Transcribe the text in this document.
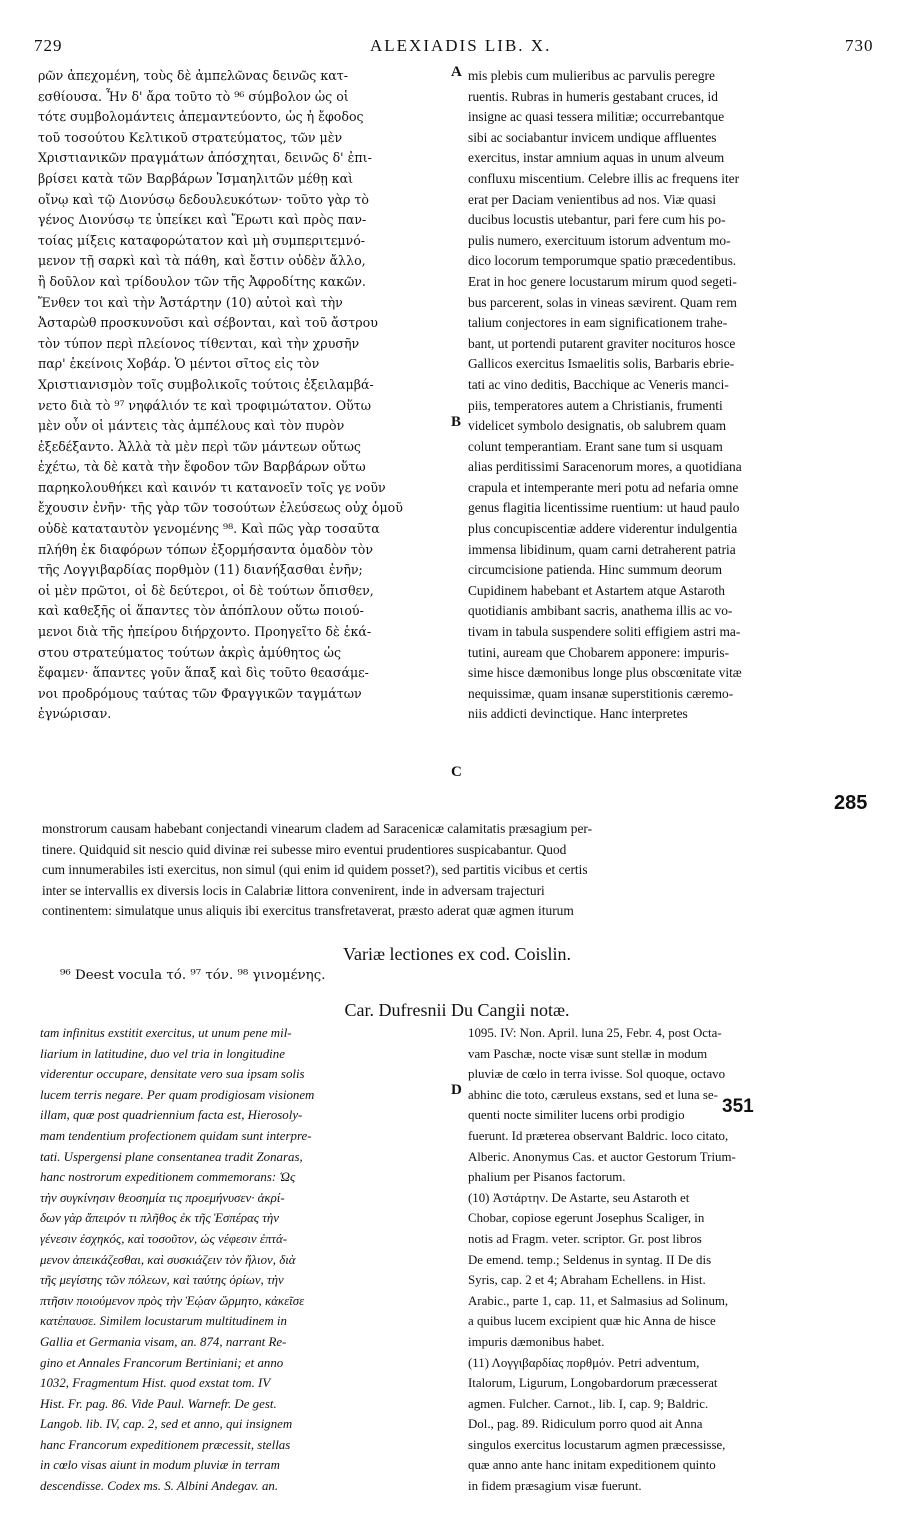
729	ALEXIADIS LIB. X.	730
ρῶν ἀπεχομένη, τοὺς δὲ ἀμπελῶνας δεινῶς κατ-
εσθίουσα. Ἦν δ' ἄρα τοῦτο τὸ ⁹⁶ σύμβολον ὡς οἱ
τότε συμβολομάντεις ἀπεμαντεύοντο, ὡς ἡ ἔφοδος
τοῦ τοσούτου Κελτικοῦ στρατεύματος, τῶν μὲν
Χριστιανικῶν πραγμάτων ἀπόσχηται, δεινῶς δ' ἐπι-
βρίσει κατὰ τῶν Βαρβάρων Ἰσμαηλιτῶν μέθῃ καὶ
οἴνῳ καὶ τῷ Διονύσῳ δεδουλευκότων· τοῦτο γὰρ τὸ
γένος Διονύσῳ τε ὑπείκει καὶ Ἔρωτι καὶ πρὸς παν-
τοίας μίξεις καταφορώτατον καὶ μὴ συμπεριτεμνό-
μενον τῇ σαρκὶ καὶ τὰ πάθη, καὶ ἔστιν οὐδὲν ἄλλο,
ἢ δοῦλον καὶ τρίδουλον τῶν τῆς Ἀφροδίτης κακῶν.
Ἔνθεν τοι καὶ τὴν Ἀστάρτην (10) αὐτοὶ καὶ τὴν
Ἀσταρὼθ προσκυνοῦσι καὶ σέβονται, καὶ τοῦ ἄστρου
τὸν τύπον περὶ πλείονος τίθενται, καὶ τὴν χρυσῆν
παρ' ἐκείνοις Χοβάρ. Ὁ μέντοι σῖτος εἰς τὸν
Χριστιανισμὸν τοῖς συμβολικοῖς τούτοις ἐξειλαμβά-
νετο διὰ τὸ ⁹⁷ νηφάλιόν τε καὶ τροφιμώτατον. Οὕτω
μὲν οὖν οἱ μάντεις τὰς ἀμπέλους καὶ τὸν πυρὸν
ἐξεδέξαντο. Ἀλλὰ τὰ μὲν περὶ τῶν μάντεων οὕτως
ἐχέτω, τὰ δὲ κατὰ τὴν ἔφοδον τῶν Βαρβάρων οὕτω
παρηκολουθήκει καὶ καινόν τι κατανοεῖν τοῖς γε νοῦν
ἔχουσιν ἐνῆν· τῆς γὰρ τῶν τοσούτων ἐλεύσεως οὐχ ὁμοῦ
οὐδὲ καταταυτὸν γενομένης ⁹⁸. Καὶ πῶς γὰρ τοσαῦτα
πλήθη ἐκ διαφόρων τόπων ἐξορμήσαντα ὁμαδὸν τὸν
τῆς Λογγιβαρδίας πορθμὸν (11) διανήξασθαι ἐνῆν;
οἱ μὲν πρῶτοι, οἱ δὲ δεύτεροι, οἱ δὲ τούτων ὄπισθεν,
καὶ καθεξῆς οἱ ἅπαντες τὸν ἀπόπλουν οὕτω ποιού-
μενοι διὰ τῆς ἠπείρου διήρχοντο. Προηγεῖτο δὲ ἑκά-
στου στρατεύματος τούτων ἀκρὶς ἀμύθητος ὡς
ἔφαμεν· ἅπαντες γοῦν ἅπαξ καὶ δὶς τοῦτο θεασάμε-
νοι προδρόμους ταύτας τῶν Φραγγικῶν ταγμάτων
ἐγνώρισαν.
A
B
C
mis plebis cum mulieribus ac parvulis peregre
ruentis. Rubras in humeris gestabant cruces, id
insigne ac quasi tessera militiæ; occurrebantque
sibi ac sociabantur invicem undique affluentes
exercitus, instar amnium aquas in unum alveum
confluxu miscentium. Celebre illis ac frequens iter
erat per Daciam venientibus ad nos. Viæ quasi
ducibus locustis utebantur, pari fere cum his po-
pulis numero, exercituum istorum adventum mo-
dico locorum temporumque spatio præcedentibus.
Erat in hoc genere locustarum mirum quod segeti-
bus parcerent, solas in vineas sævirent. Quam rem
talium conjectores in eam significationem trahe-
bant, ut portendi putarent graviter nocituros hosce
Gallicos exercitus Ismaelitis solis, Barbaris ebrie-
tati ac vino deditis, Bacchique ac Veneris manci-
piis, temperatores autem a Christianis, frumenti
videlicet symbolo designatis, ob salubrem quam
colunt temperantiam. Erant sane tum si usquam
alias perditissimi Saracenorum mores, a quotidiana
crapula et intemperante meri potu ad nefaria omne
genus flagitia licentissime ruentium: ut haud paulo
plus concupiscentiæ addere viderentur indulgentia
immensa libidinum, quam carni detraherent patria
circumcisione patienda. Hinc summum deorum
Cupidinem habebant et Astartem atque Astaroth
quotidianis ambibant sacris, anathema illis ac vo-
tivam in tabula suspendere soliti effigiem astri ma-
tutini, auream que Chobarem apponere: impuris-
sime hisce dæmonibus longe plus obscœnitate vitæ
nequissimæ, quam insanæ superstitionis cæremo-
niis addicti devinctique. Hanc interpretes
285
monstrorum causam habebant conjectandi vinearum cladem ad Saracenicæ calamitatis præsagium per-
tinere. Quidquid sit nescio quid divinæ rei subesse miro eventui prudentiores suspicabantur. Quod
cum innumerabiles isti exercitus, non simul (qui enim id quidem posset?), sed partitis vicibus et certis
inter se intervallis ex diversis locis in Calabriæ littora convenirent, inde in adversam trajecturi
continentem: simulatque unus aliquis ibi exercitus transfretaverat, præsto aderat quæ agmen iturum
Variæ lectiones ex cod. Coislin.
⁹⁶ Deest vocula τό. ⁹⁷ τόν. ⁹⁸ γινομένης.
Car. Dufresnii Du Cangii notæ.
tam infinitus exstitit exercitus, ut unum pene mil-
liarium in latitudine, duo vel tria in longitudine
viderentur occupare, densitate vero sua ipsam solis
lucem terris negare. Per quam prodigiosam visionem
illam, quæ post quadriennium facta est, Hierosoly-
mam tendentium profectionem quidam sunt interpre-
tati. Uspergensi plane consentanea tradit Zonaras,
hanc nostrorum expeditionem commemorans: Ὡς
τὴν συγκίνησιν θεοσημία τις προεμήνυσεν· ἀκρί-
δων γὰρ ἄπειρόν τι πλῆθος ἐκ τῆς Ἑσπέρας τὴν
γένεσιν ἐσχηκός, καὶ τοσοῦτον, ὡς νέφεσιν ἐπτά-
μενον ἀπεικάζεσθαι, καὶ συσκιάζειν τὸν ἥλιον, διὰ
τῆς μεγίστης τῶν πόλεων, καὶ ταύτης ὁρίων, τὴν
πτῆσιν ποιούμενον πρὸς τὴν Ἑῴαν ὥρμητο, κἀκεῖσε
κατέπαυσε. Similem locustarum multitudinem in
Gallia et Germania visam, an. 874, narrant Re-
gino et Annales Francorum Bertiniani; et anno
1032, Fragmentum Hist. quod exstat tom. IV
Hist. Fr. pag. 86. Vide Paul. Warnefr. De gest.
Langob. lib. IV, cap. 2, sed et anno, qui insignem
hanc Francorum expeditionem præcessit, stellas
in cœlo visas aiunt in modum pluviæ in terram
descendisse. Codex ms. S. Albini Andegav. an.
D
1095. IV: Non. April. luna 25, Febr. 4, post Octa-
vam Paschæ, nocte visæ sunt stellæ in modum
pluviæ de cœlo in terra ivisse. Sol quoque, octavo
abhinc die toto, cæruleus exstans, sed et luna se-
quenti nocte similiter lucens orbi prodigio
fuerunt. Id præterea observant Baldric. loco citato,
Alberic. Anonymus Cas. et auctor Gestorum Trium-
phalium per Pisanos factorum.
(10) Ἀστάρτην. De Astarte, seu Astaroth et
Chobar, copiose egerunt Josephus Scaliger, in
notis ad Fragm. veter. scriptor. Gr. post libros
De emend. temp.; Seldenus in syntag. II De dis
Syris, cap. 2 et 4; Abraham Echellens. in Hist.
Arabic., parte 1, cap. 11, et Salmasius ad Solinum,
a quibus lucem excipient quæ hic Anna de hisce
impuris dæmonibus habet.
(11) Λογγιβαρδίας πορθμόν. Petri adventum,
Italorum, Ligurum, Longobardorum præcesserat
agmen. Fulcher. Carnot., lib. I, cap. 9; Baldric.
Dol., pag. 89. Ridiculum porro quod ait Anna
singulos exercitus locustarum agmen præcessisse,
quæ anno ante hanc initam expeditionem quinto
in fidem præsagium visæ fuerunt.
351
